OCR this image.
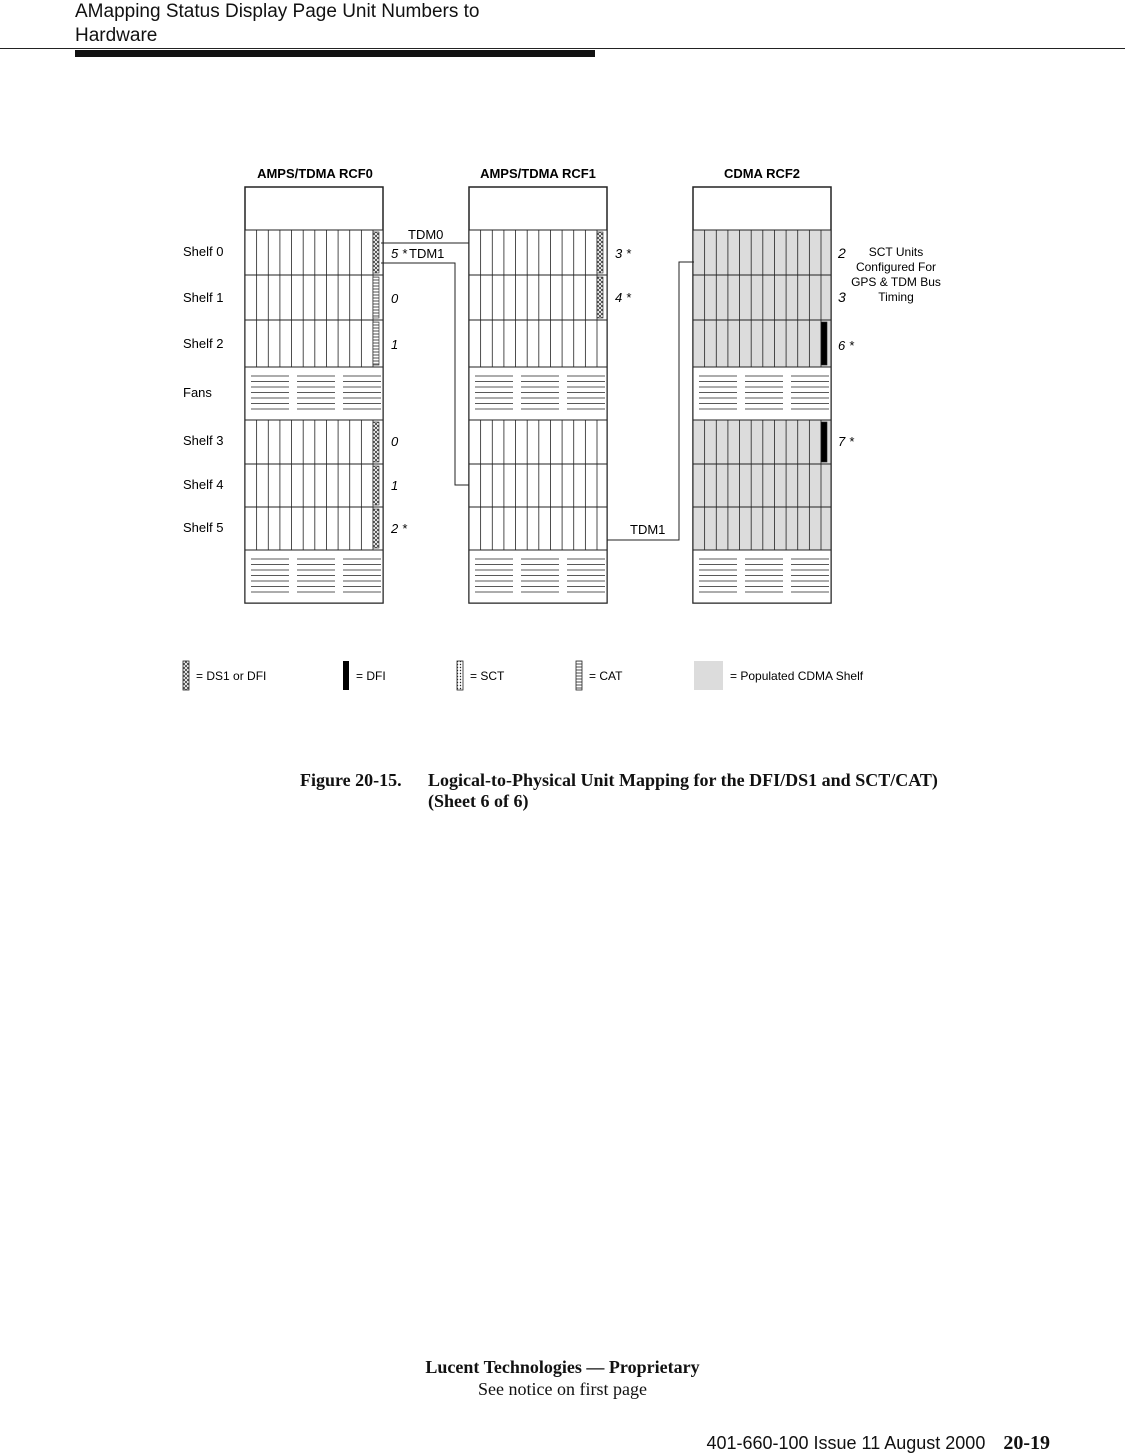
AMapping Status Display Page Unit Numbers to
Hardware
AMPS/TDMA RCF0	AMPS/TDMA RCF1	CDMA RCF2
Shelf 0
Shelf 1
Shelf 2
Fans
Shelf 3
Shelf 4
Shelf 5
TDM0
TDM1
TDM1
5 *
0
1
0
1
2 *
3 *
4 *
2
3
6 *
7 *
SCT Units
Configured For
GPS & TDM Bus
Timing
= DS1 or DFI	= DFI	= SCT	= CAT	= Populated CDMA Shelf
Figure 20-15. Logical-to-Physical Unit Mapping for the DFI/DS1 and SCT/CAT)
(Sheet 6 of 6)
Lucent Technologies — Proprietary
See notice on first page
401-660-100 Issue 11 August 2000 20-19
